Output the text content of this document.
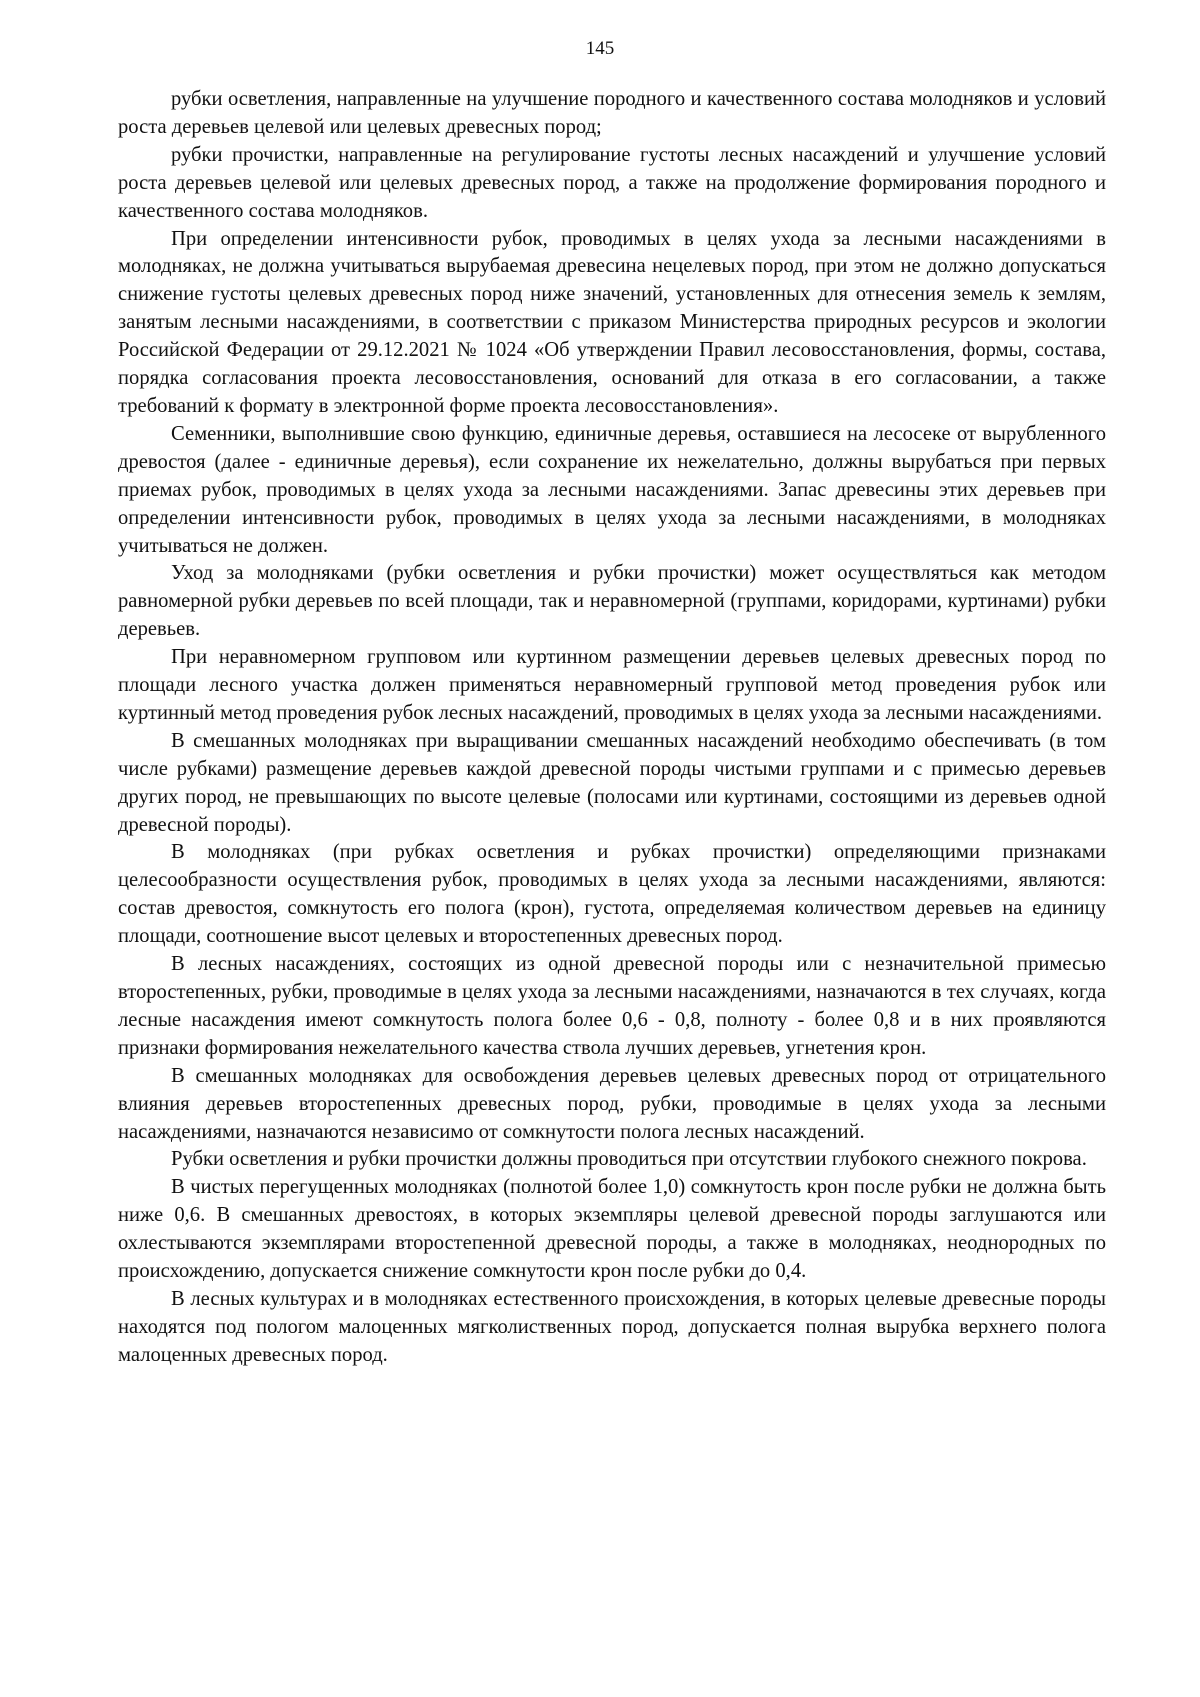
145

рубки осветления, направленные на улучшение породного и качественного состава молодняков и условий роста деревьев целевой или целевых древесных пород;

рубки прочистки, направленные на регулирование густоты лесных насаждений и улучшение условий роста деревьев целевой или целевых древесных пород, а также на продолжение формирования породного и качественного состава молодняков.

При определении интенсивности рубок, проводимых в целях ухода за лесными насаждениями в молодняках, не должна учитываться вырубаемая древесина нецелевых пород, при этом не должно допускаться снижение густоты целевых древесных пород ниже значений, установленных для отнесения земель к землям, занятым лесными насаждениями, в соответствии с приказом Министерства природных ресурсов и экологии Российской Федерации от 29.12.2021 № 1024 «Об утверждении Правил лесовосстановления, формы, состава, порядка согласования проекта лесовосстановления, оснований для отказа в его согласовании, а также требований к формату в электронной форме проекта лесовосстановления».

Семенники, выполнившие свою функцию, единичные деревья, оставшиеся на лесосеке от вырубленного древостоя (далее - единичные деревья), если сохранение их нежелательно, должны вырубаться при первых приемах рубок, проводимых в целях ухода за лесными насаждениями. Запас древесины этих деревьев при определении интенсивности рубок, проводимых в целях ухода за лесными насаждениями, в молодняках учитываться не должен.

Уход за молодняками (рубки осветления и рубки прочистки) может осуществляться как методом равномерной рубки деревьев по всей площади, так и неравномерной (группами, коридорами, куртинами) рубки деревьев.

При неравномерном групповом или куртинном размещении деревьев целевых древесных пород по площади лесного участка должен применяться неравномерный групповой метод проведения рубок или куртинный метод проведения рубок лесных насаждений, проводимых в целях ухода за лесными насаждениями.

В смешанных молодняках при выращивании смешанных насаждений необходимо обеспечивать (в том числе рубками) размещение деревьев каждой древесной породы чистыми группами и с примесью деревьев других пород, не превышающих по высоте целевые (полосами или куртинами, состоящими из деревьев одной древесной породы).

В молодняках (при рубках осветления и рубках прочистки) определяющими признаками целесообразности осуществления рубок, проводимых в целях ухода за лесными насаждениями, являются: состав древостоя, сомкнутость его полога (крон), густота, определяемая количеством деревьев на единицу площади, соотношение высот целевых и второстепенных древесных пород.

В лесных насаждениях, состоящих из одной древесной породы или с незначительной примесью второстепенных, рубки, проводимые в целях ухода за лесными насаждениями, назначаются в тех случаях, когда лесные насаждения имеют сомкнутость полога более 0,6 - 0,8, полноту - более 0,8 и в них проявляются признаки формирования нежелательного качества ствола лучших деревьев, угнетения крон.

В смешанных молодняках для освобождения деревьев целевых древесных пород от отрицательного влияния деревьев второстепенных древесных пород, рубки, проводимые в целях ухода за лесными насаждениями, назначаются независимо от сомкнутости полога лесных насаждений.

Рубки осветления и рубки прочистки должны проводиться при отсутствии глубокого снежного покрова.

В чистых перегущенных молодняках (полнотой более 1,0) сомкнутость крон после рубки не должна быть ниже 0,6. В смешанных древостоях, в которых экземпляры целевой древесной породы заглушаются или охлестываются экземплярами второстепенной древесной породы, а также в молодняках, неоднородных по происхождению, допускается снижение сомкнутости крон после рубки до 0,4.

В лесных культурах и в молодняках естественного происхождения, в которых целевые древесные породы находятся под пологом малоценных мягколиственных пород, допускается полная вырубка верхнего полога малоценных древесных пород.
